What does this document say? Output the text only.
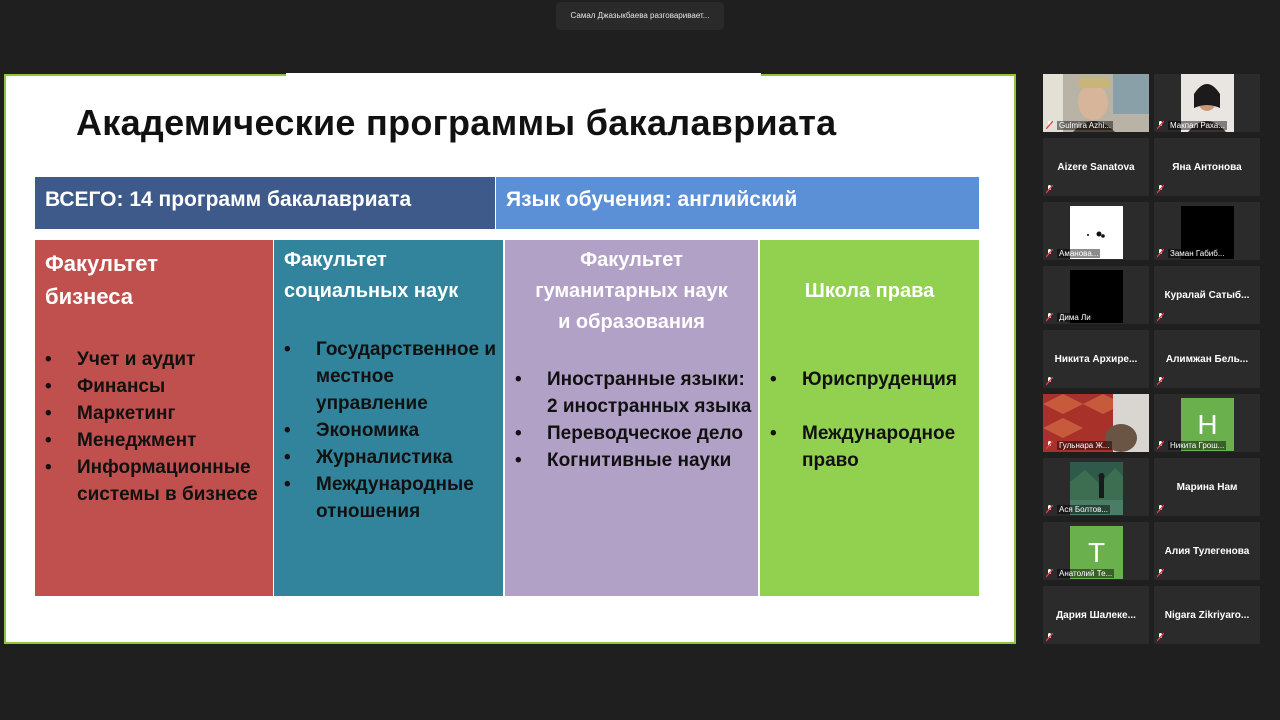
Самал Джазыкбаева разговаривает...
Академические программы бакалавриата
ВСЕГО: 14 программ бакалавриата	Язык обучения: английский
Факультет
бизнеса
• Учет и аудит
• Финансы
• Маркетинг
• Менеджмент
• Информационные системы в бизнесе
Факультет
социальных наук
• Государственное и местное управление
• Экономика
• Журналистика
• Международные отношения
Факультет
гуманитарных наук
и образования
• Иностранные языки: 2 иностранных языка
• Переводческое дело
• Когнитивные науки
Школа права
• Юриспруденция
• Международное право
Gulmira Azhi...	Макпал Раха...
Aizere Sanatova	Яна Антонова
Аманова...	Заман Габиб...
Дима Ли
Куралай Сатыб...
Никита Архире...	Алимжан Бель...
Гульнара Ж...
Н
Никита Грош...
Ася Болтов...
Марина Нам
Т
Анатолий Те...
Алия Тулегенова
Дария Шалеке...	Nigara Zikriyaro...
